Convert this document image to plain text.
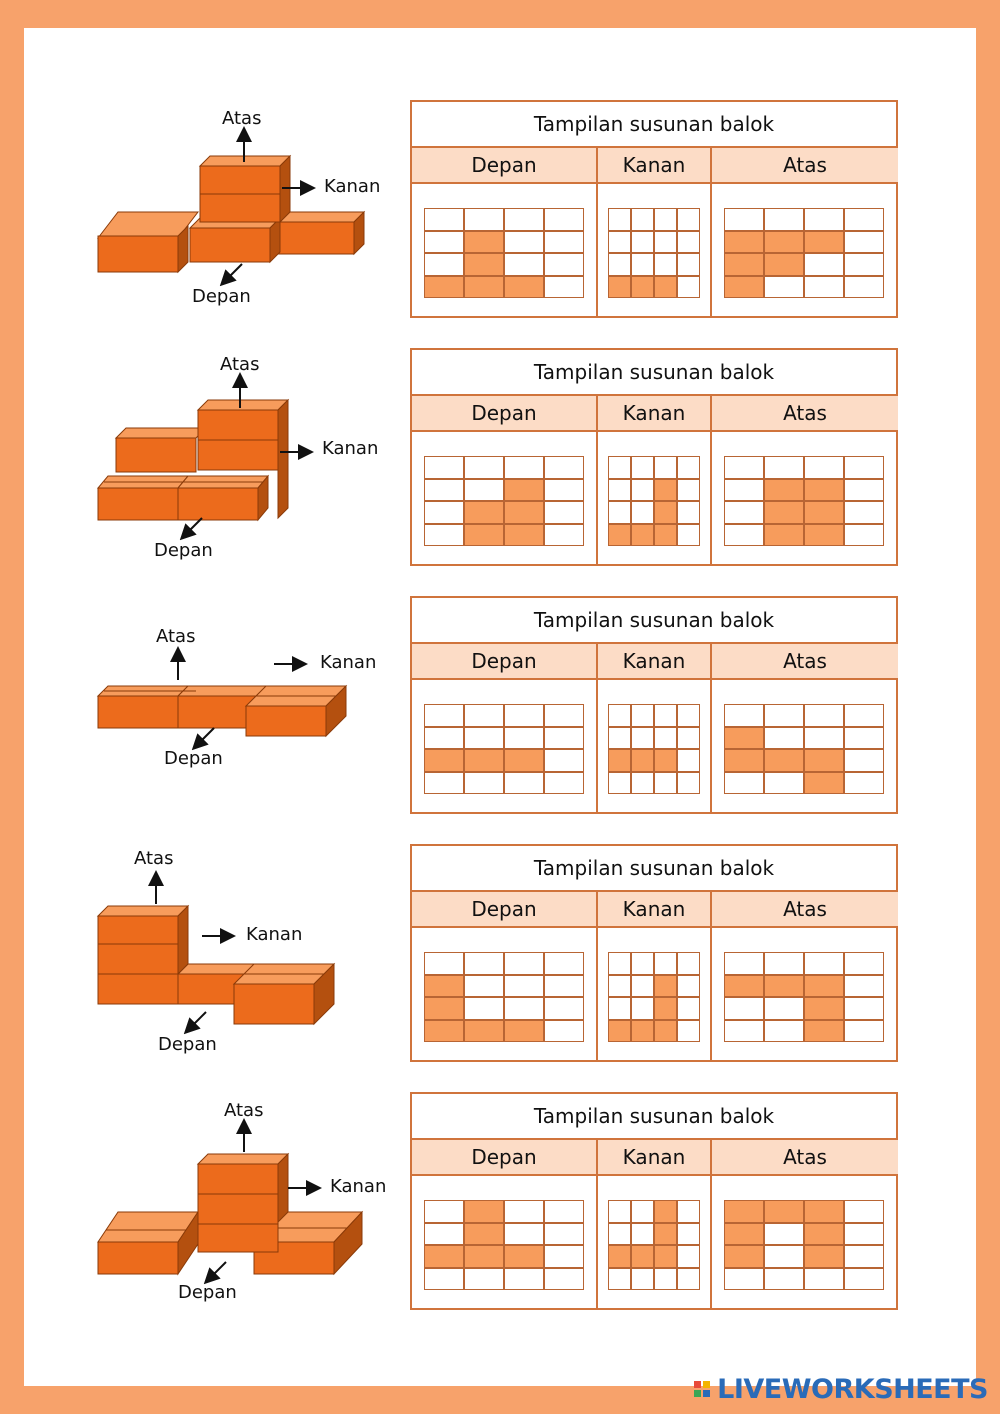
Atas
Kanan
Depan
Tampilan susunan balok
Depan	Kanan	Atas
Atas
Kanan
Depan
Tampilan susunan balok
Depan	Kanan	Atas
Atas
Kanan
Depan
Tampilan susunan balok
Depan	Kanan	Atas
Atas
Kanan
Depan
Tampilan susunan balok
Depan	Kanan	Atas
Atas
Kanan
Depan
Tampilan susunan balok
Depan	Kanan	Atas

LIVEWORKSHEETS
